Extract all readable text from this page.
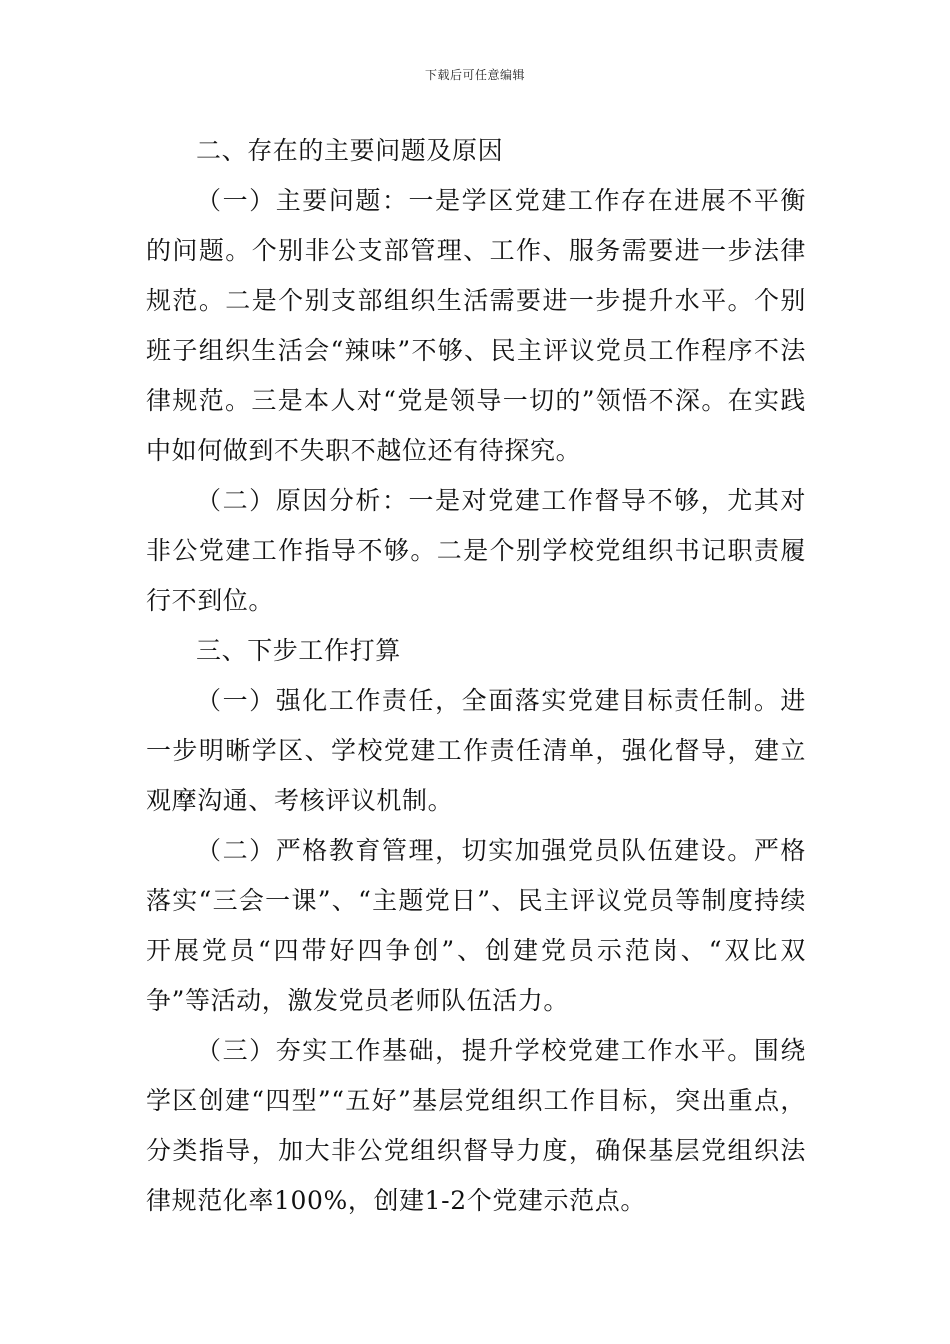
下载后可任意编辑

二、存在的主要问题及原因

（一）主要问题：一是学区党建工作存在进展不平衡的问题。个别非公支部管理、工作、服务需要进一步法律规范。二是个别支部组织生活需要进一步提升水平。个别班子组织生活会“辣味”不够、民主评议党员工作程序不法律规范。三是本人对“党是领导一切的”领悟不深。在实践中如何做到不失职不越位还有待探究。

（二）原因分析：一是对党建工作督导不够，尤其对非公党建工作指导不够。二是个别学校党组织书记职责履行不到位。

三、下步工作打算

（一）强化工作责任，全面落实党建目标责任制。进一步明晰学区、学校党建工作责任清单，强化督导，建立观摩沟通、考核评议机制。

（二）严格教育管理，切实加强党员队伍建设。严格落实“三会一课”、“主题党日”、民主评议党员等制度持续开展党员“四带好四争创”、创建党员示范岗、“双比双争”等活动，激发党员老师队伍活力。

（三）夯实工作基础，提升学校党建工作水平。围绕学区创建“四型”“五好”基层党组织工作目标，突出重点，分类指导，加大非公党组织督导力度，确保基层党组织法律规范化率100%，创建1-2个党建示范点。
